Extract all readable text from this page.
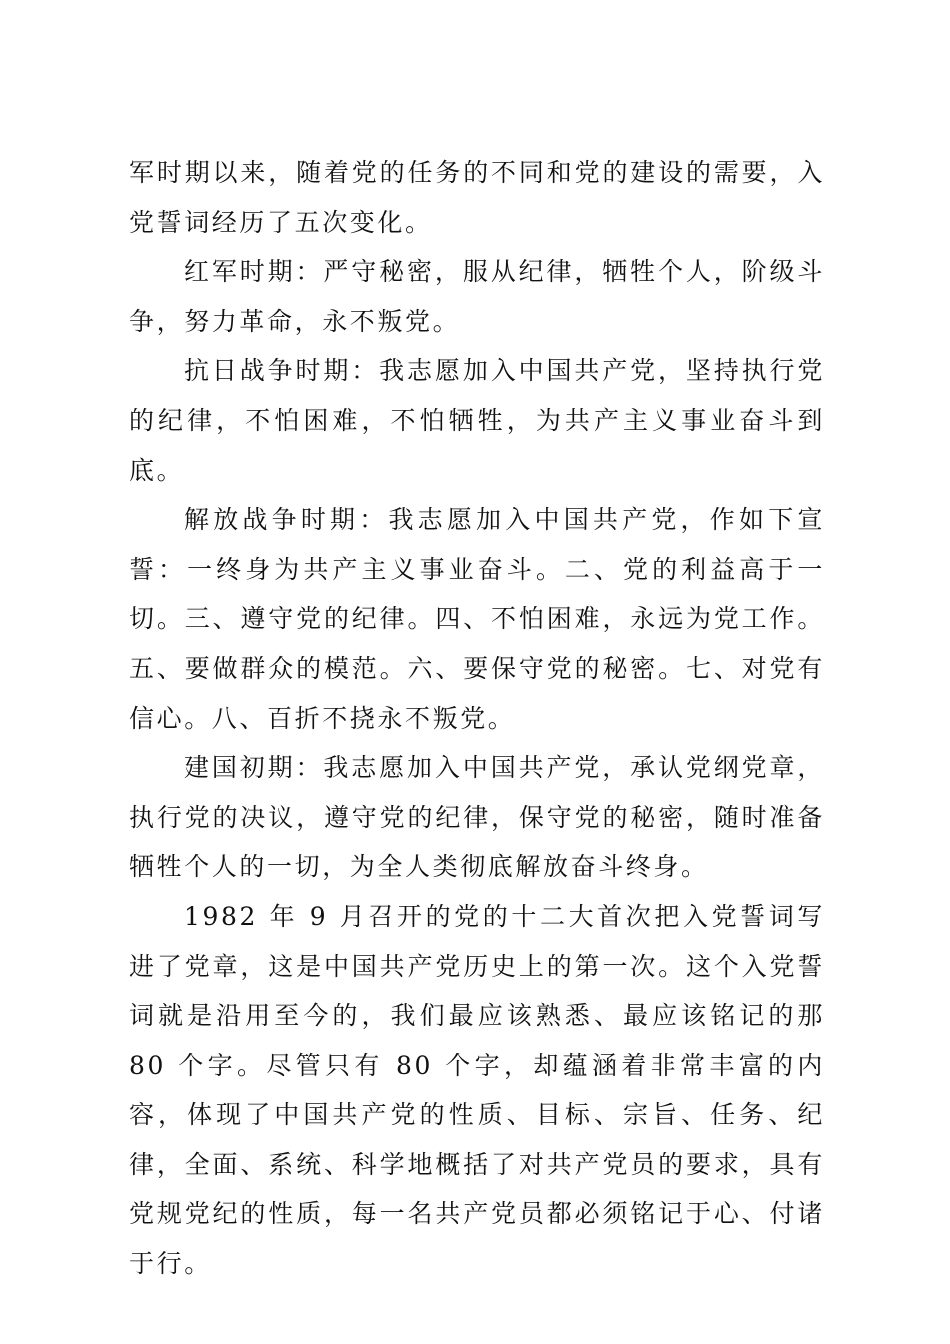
军时期以来，随着党的任务的不同和党的建设的需要，入党誓词经历了五次变化。

红军时期：严守秘密，服从纪律，牺牲个人，阶级斗争，努力革命，永不叛党。

抗日战争时期：我志愿加入中国共产党，坚持执行党的纪律，不怕困难，不怕牺牲，为共产主义事业奋斗到底。

解放战争时期：我志愿加入中国共产党，作如下宣誓：一终身为共产主义事业奋斗。二、党的利益高于一切。三、遵守党的纪律。四、不怕困难，永远为党工作。五、要做群众的模范。六、要保守党的秘密。七、对党有信心。八、百折不挠永不叛党。

建国初期：我志愿加入中国共产党，承认党纲党章，执行党的决议，遵守党的纪律，保守党的秘密，随时准备牺牲个人的一切，为全人类彻底解放奋斗终身。

1982 年 9 月召开的党的十二大首次把入党誓词写进了党章，这是中国共产党历史上的第一次。这个入党誓词就是沿用至今的，我们最应该熟悉、最应该铭记的那 80 个字。尽管只有 80 个字，却蕴涵着非常丰富的内容，体现了中国共产党的性质、目标、宗旨、任务、纪律，全面、系统、科学地概括了对共产党员的要求，具有党规党纪的性质，每一名共产党员都必须铭记于心、付诸于行。
